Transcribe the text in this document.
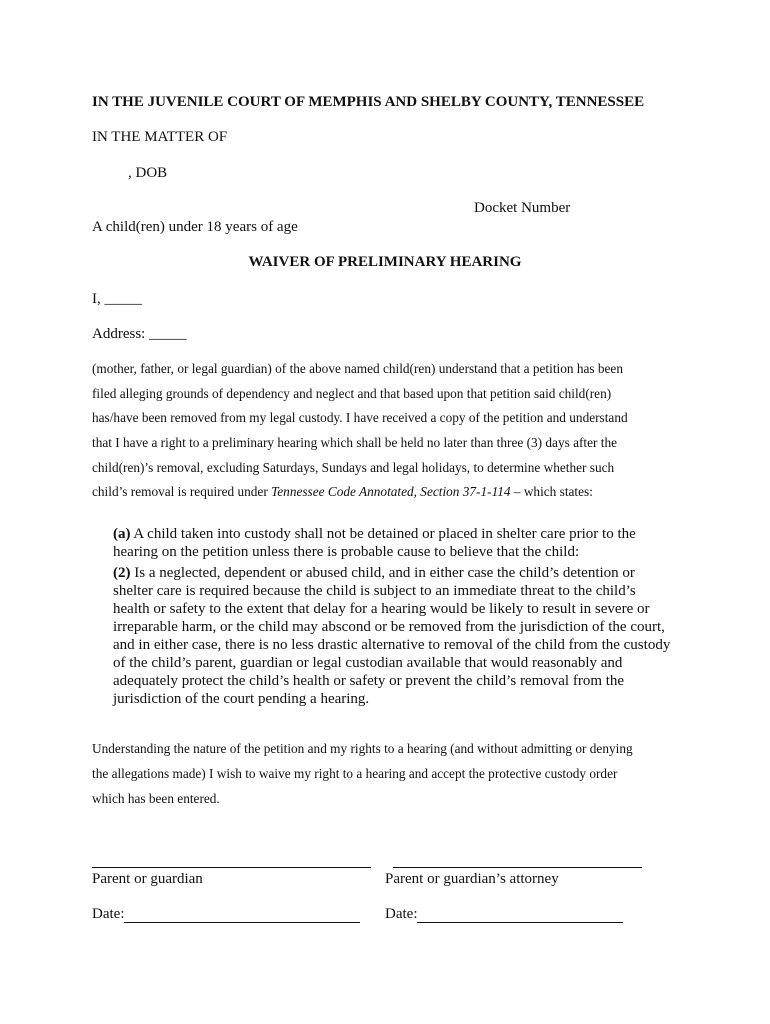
IN THE JUVENILE COURT OF MEMPHIS AND SHELBY COUNTY, TENNESSEE
IN THE MATTER OF
, DOB
Docket Number
A child(ren) under 18 years of age
WAIVER OF PRELIMINARY HEARING
I, _____
Address: _____
(mother, father, or legal guardian) of the above named child(ren) understand that a petition has been
filed alleging grounds of dependency and neglect and that based upon that petition said child(ren)
has/have been removed from my legal custody. I have received a copy of the petition and understand
that I have a right to a preliminary hearing which shall be held no later than three (3) days after the
child(ren)’s removal, excluding Saturdays, Sundays and legal holidays, to determine whether such
child’s removal is required under Tennessee Code Annotated, Section 37-1-114 – which states:

(a) A child taken into custody shall not be detained or placed in shelter care prior to the hearing on the petition unless there is probable cause to believe that the child:

(2) Is a neglected, dependent or abused child, and in either case the child’s detention or shelter care is required because the child is subject to an immediate threat to the child’s health or safety to the extent that delay for a hearing would be likely to result in severe or irreparable harm, or the child may abscond or be removed from the jurisdiction of the court, and in either case, there is no less drastic alternative to removal of the child from the custody of the child’s parent, guardian or legal custodian available that would reasonably and adequately protect the child’s health or safety or prevent the child’s removal from the jurisdiction of the court pending a hearing.

Understanding the nature of the petition and my rights to a hearing (and without admitting or denying
the allegations made) I wish to waive my right to a hearing and accept the protective custody order
which has been entered.
Parent or guardian	Parent or guardian’s attorney
Date:	Date:
